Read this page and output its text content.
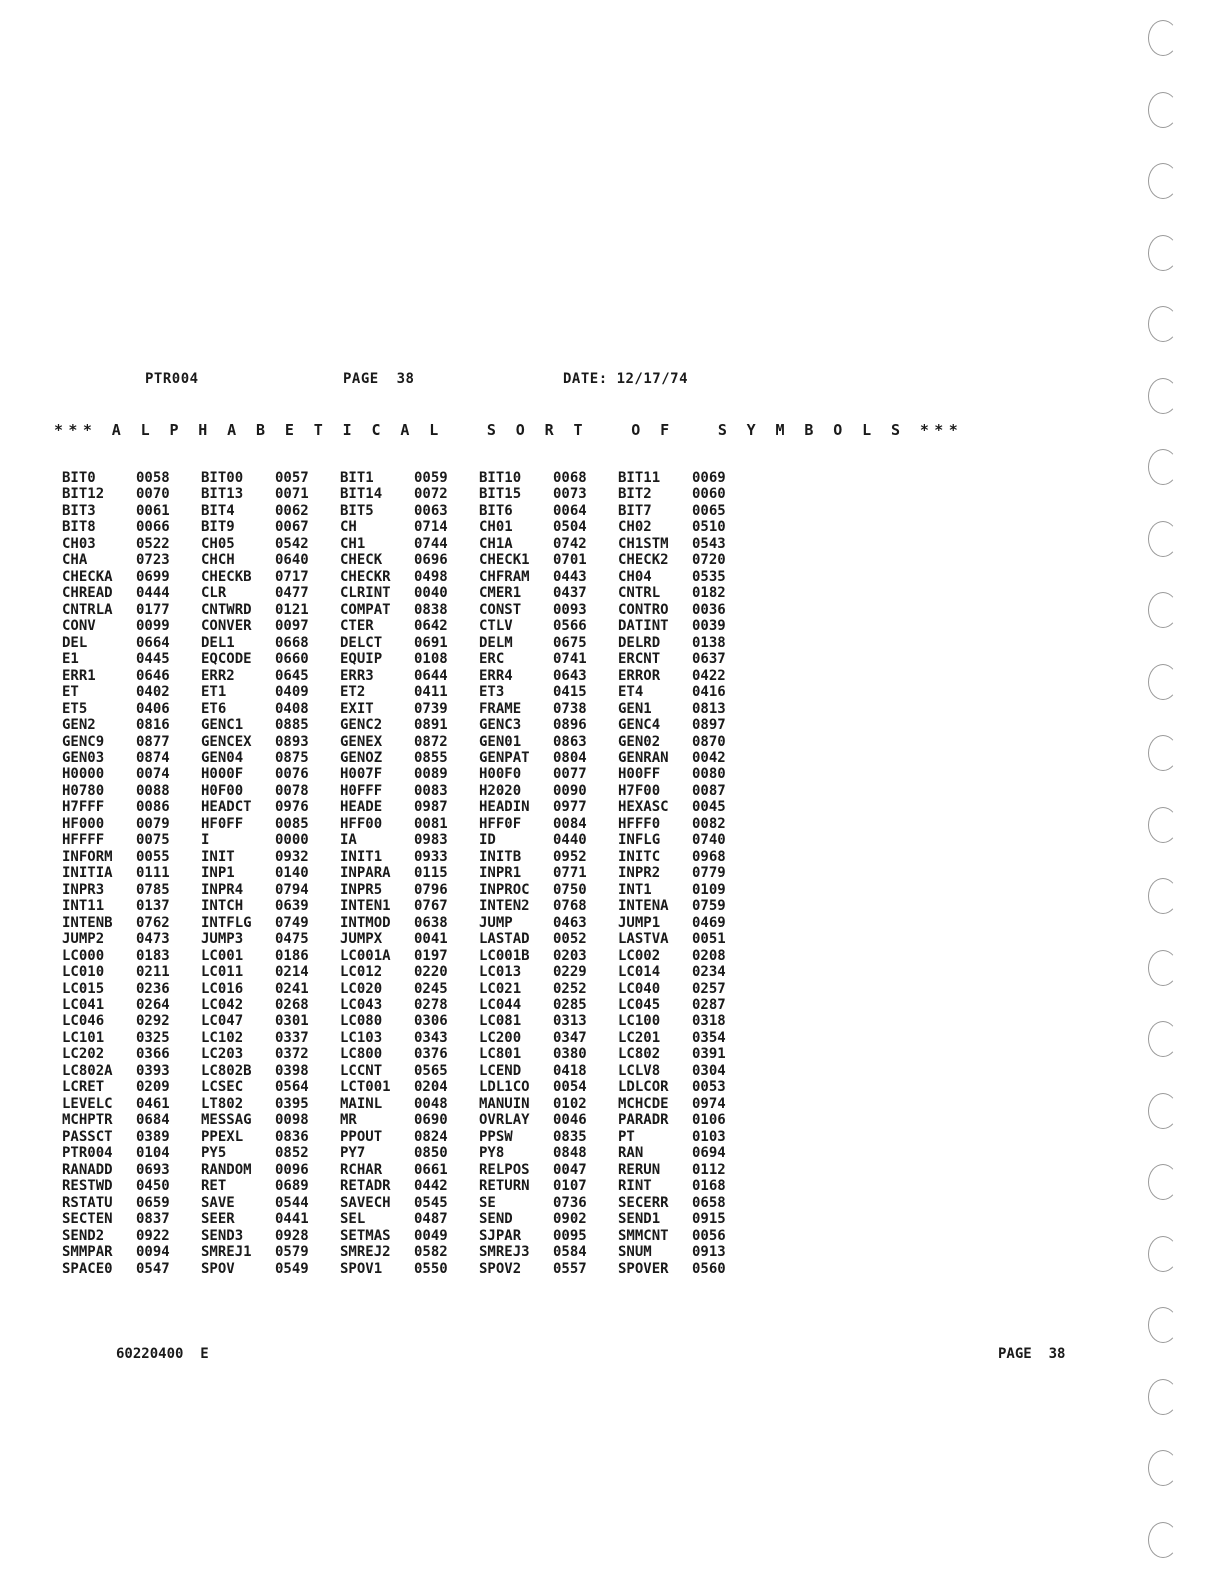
PTR004	PAGE  38	DATE: 12/17/74
*** A L P H A B E T I C A L   S O R T   O F   S Y M B O L S ***
BIT0	0058 BIT00 0057 BIT1	0059 BIT10 0068 BIT11 0069
BIT12 0070 BIT13 0071 BIT14 0072 BIT15 0073 BIT2	0060
BIT3	0061 BIT4	0062 BIT5	0063 BIT6	0064 BIT7	0065
BIT8	0066 BIT9	0067 CH	0714 CH01	0504 CH02	0510
CH03	0522 CH05	0542 CH1	0744 CH1A	0742 CH1STM 0543
CHA	0723 CHCH	0640 CHECK 0696 CHECK1 0701 CHECK2 0720
CHECKA 0699 CHECKB 0717 CHECKR 0498 CHFRAM 0443 CH04	0535
CHREAD 0444 CLR	0477 CLRINT 0040 CMER1 0437 CNTRL 0182
CNTRLA 0177 CNTWRD 0121 COMPAT 0838 CONST 0093 CONTRO 0036
CONV	0099 CONVER 0097 CTER	0642 CTLV	0566 DATINT 0039
DEL	0664 DEL1	0668 DELCT 0691 DELM	0675 DELRD 0138
E1	0445 EQCODE 0660 EQUIP 0108 ERC	0741 ERCNT 0637
ERR1	0646 ERR2	0645 ERR3	0644 ERR4	0643 ERROR 0422
ET	0402 ET1	0409 ET2	0411 ET3	0415 ET4	0416
ET5	0406 ET6	0408 EXIT	0739 FRAME 0738 GEN1	0813
GEN2	0816 GENC1 0885 GENC2 0891 GENC3 0896 GENC4 0897
GENC9 0877 GENCEX 0893 GENEX 0872 GEN01 0863 GEN02 0870
GEN03 0874 GEN04 0875 GENOZ 0855 GENPAT 0804 GENRAN 0042
H0000 0074 H000F 0076 H007F 0089 H00F0 0077 H00FF 0080
H0780 0088 H0F00 0078 H0FFF 0083 H2020 0090 H7F00 0087
H7FFF 0086 HEADCT 0976 HEADE 0987 HEADIN 0977 HEXASC 0045
HF000 0079 HF0FF 0085 HFF00 0081 HFF0F 0084 HFFF0 0082
HFFFF 0075 I	0000 IA	0983 ID	0440 INFLG 0740
INFORM 0055 INIT	0932 INIT1 0933 INITB 0952 INITC 0968
INITIA 0111 INP1	0140 INPARA 0115 INPR1 0771 INPR2 0779
INPR3 0785 INPR4 0794 INPR5 0796 INPROC 0750 INT1	0109
INT11 0137 INTCH 0639 INTEN1 0767 INTEN2 0768 INTENA 0759
INTENB 0762 INTFLG 0749 INTMOD 0638 JUMP	0463 JUMP1 0469
JUMP2 0473 JUMP3 0475 JUMPX 0041 LASTAD 0052 LASTVA 0051
LC000 0183 LC001 0186 LC001A 0197 LC001B 0203 LC002 0208
LC010 0211 LC011 0214 LC012 0220 LC013 0229 LC014 0234
LC015 0236 LC016 0241 LC020 0245 LC021 0252 LC040 0257
LC041 0264 LC042 0268 LC043 0278 LC044 0285 LC045 0287
LC046 0292 LC047 0301 LC080 0306 LC081 0313 LC100 0318
LC101 0325 LC102 0337 LC103 0343 LC200 0347 LC201 0354
LC202 0366 LC203 0372 LC800 0376 LC801 0380 LC802 0391
LC802A 0393 LC802B 0398 LCCNT 0565 LCEND 0418 LCLV8 0304
LCRET 0209 LCSEC 0564 LCT001 0204 LDL1CO 0054 LDLCOR 0053
LEVELC 0461 LT802 0395 MAINL 0048 MANUIN 0102 MCHCDE 0974
MCHPTR 0684 MESSAG 0098 MR	0690 OVRLAY 0046 PARADR 0106
PASSCT 0389 PPEXL 0836 PPOUT 0824 PPSW	0835 PT	0103
PTR004 0104 PY5	0852 PY7	0850 PY8	0848 RAN	0694
RANADD 0693 RANDOM 0096 RCHAR 0661 RELPOS 0047 RERUN 0112
RESTWD 0450 RET	0689 RETADR 0442 RETURN 0107 RINT	0168
RSTATU 0659 SAVE	0544 SAVECH 0545 SE	0736 SECERR 0658
SECTEN 0837 SEER	0441 SEL	0487 SEND	0902 SEND1 0915
SEND2 0922 SEND3 0928 SETMAS 0049 SJPAR 0095 SMMCNT 0056
SMMPAR 0094 SMREJ1 0579 SMREJ2 0582 SMREJ3 0584 SNUM	0913
SPACE0 0547 SPOV	0549 SPOV1 0550 SPOV2 0557 SPOVER 0560
60220400  E	PAGE  38
